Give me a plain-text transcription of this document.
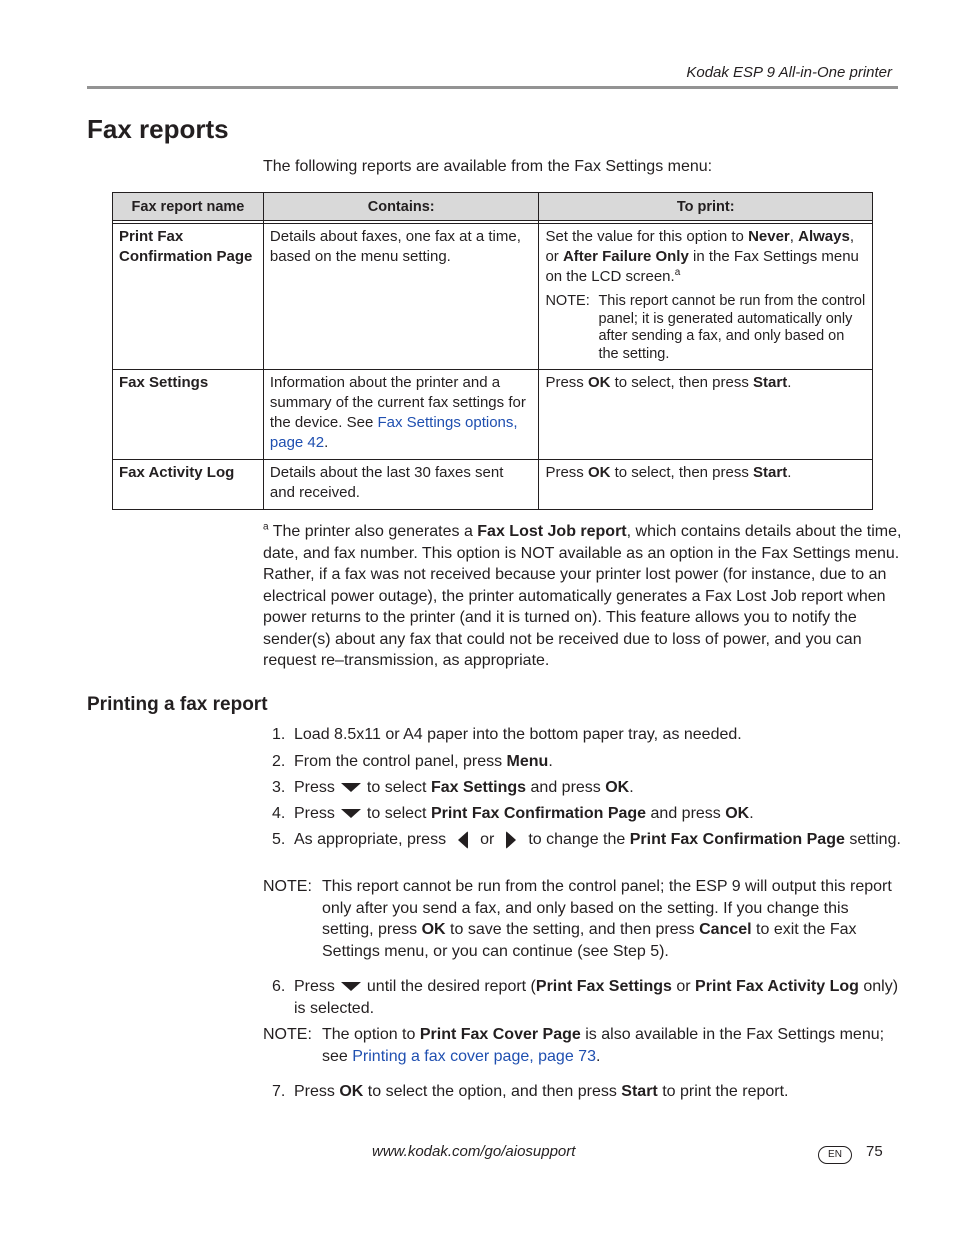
Kodak ESP 9 All-in-One printer
Fax reports
The following reports are available from the Fax Settings menu:
Fax report name	Contains:	To print:

Print Fax Confirmation Page	Details about faxes, one fax at a time, based on the menu setting.	Set the value for this option to Never, Always, or After Failure Only in the Fax Settings menu on the LCD screen.$^a$
NOTE: This report cannot be run from the control panel; it is generated automatically only after sending a fax, and only based on the setting.

Fax Settings	Information about the printer and a summary of the current fax settings for the device. See Fax Settings options, page 42.	Press OK to select, then press Start.
Fax Activity Log	Details about the last 30 faxes sent and received.	Press OK to select, then press Start.
$^a$ The printer also generates a Fax Lost Job report, which contains details about the time, date, and fax number. This option is NOT available as an option in the Fax Settings menu. Rather, if a fax was not received because your printer lost power (for instance, due to an electrical power outage), the printer automatically generates a Fax Lost Job report when power returns to the printer (and it is turned on). This feature allows you to notify the sender(s) about any fax that could not be received due to loss of power, and you can request re–transmission, as appropriate.
Printing a fax report
1. Load 8.5x11 or A4 paper into the bottom paper tray, as needed.
2. From the control panel, press Menu.
3. Press to select Fax Settings and press OK.
4. Press to select Print Fax Confirmation Page and press OK.
5. As appropriate, press or to change the Print Fax Confirmation Page setting.
NOTE: This report cannot be run from the control panel; the ESP 9 will output this report only after you send a fax, and only based on the setting. If you change this setting, press OK to save the setting, and then press Cancel to exit the Fax Settings menu, or you can continue (see Step 5).
6. Press until the desired report (Print Fax Settings or Print Fax Activity Log only) is selected.
NOTE: The option to Print Fax Cover Page is also available in the Fax Settings menu; see Printing a fax cover page, page 73.
7. Press OK to select the option, and then press Start to print the report.
www.kodak.com/go/aiosupport	EN	75
